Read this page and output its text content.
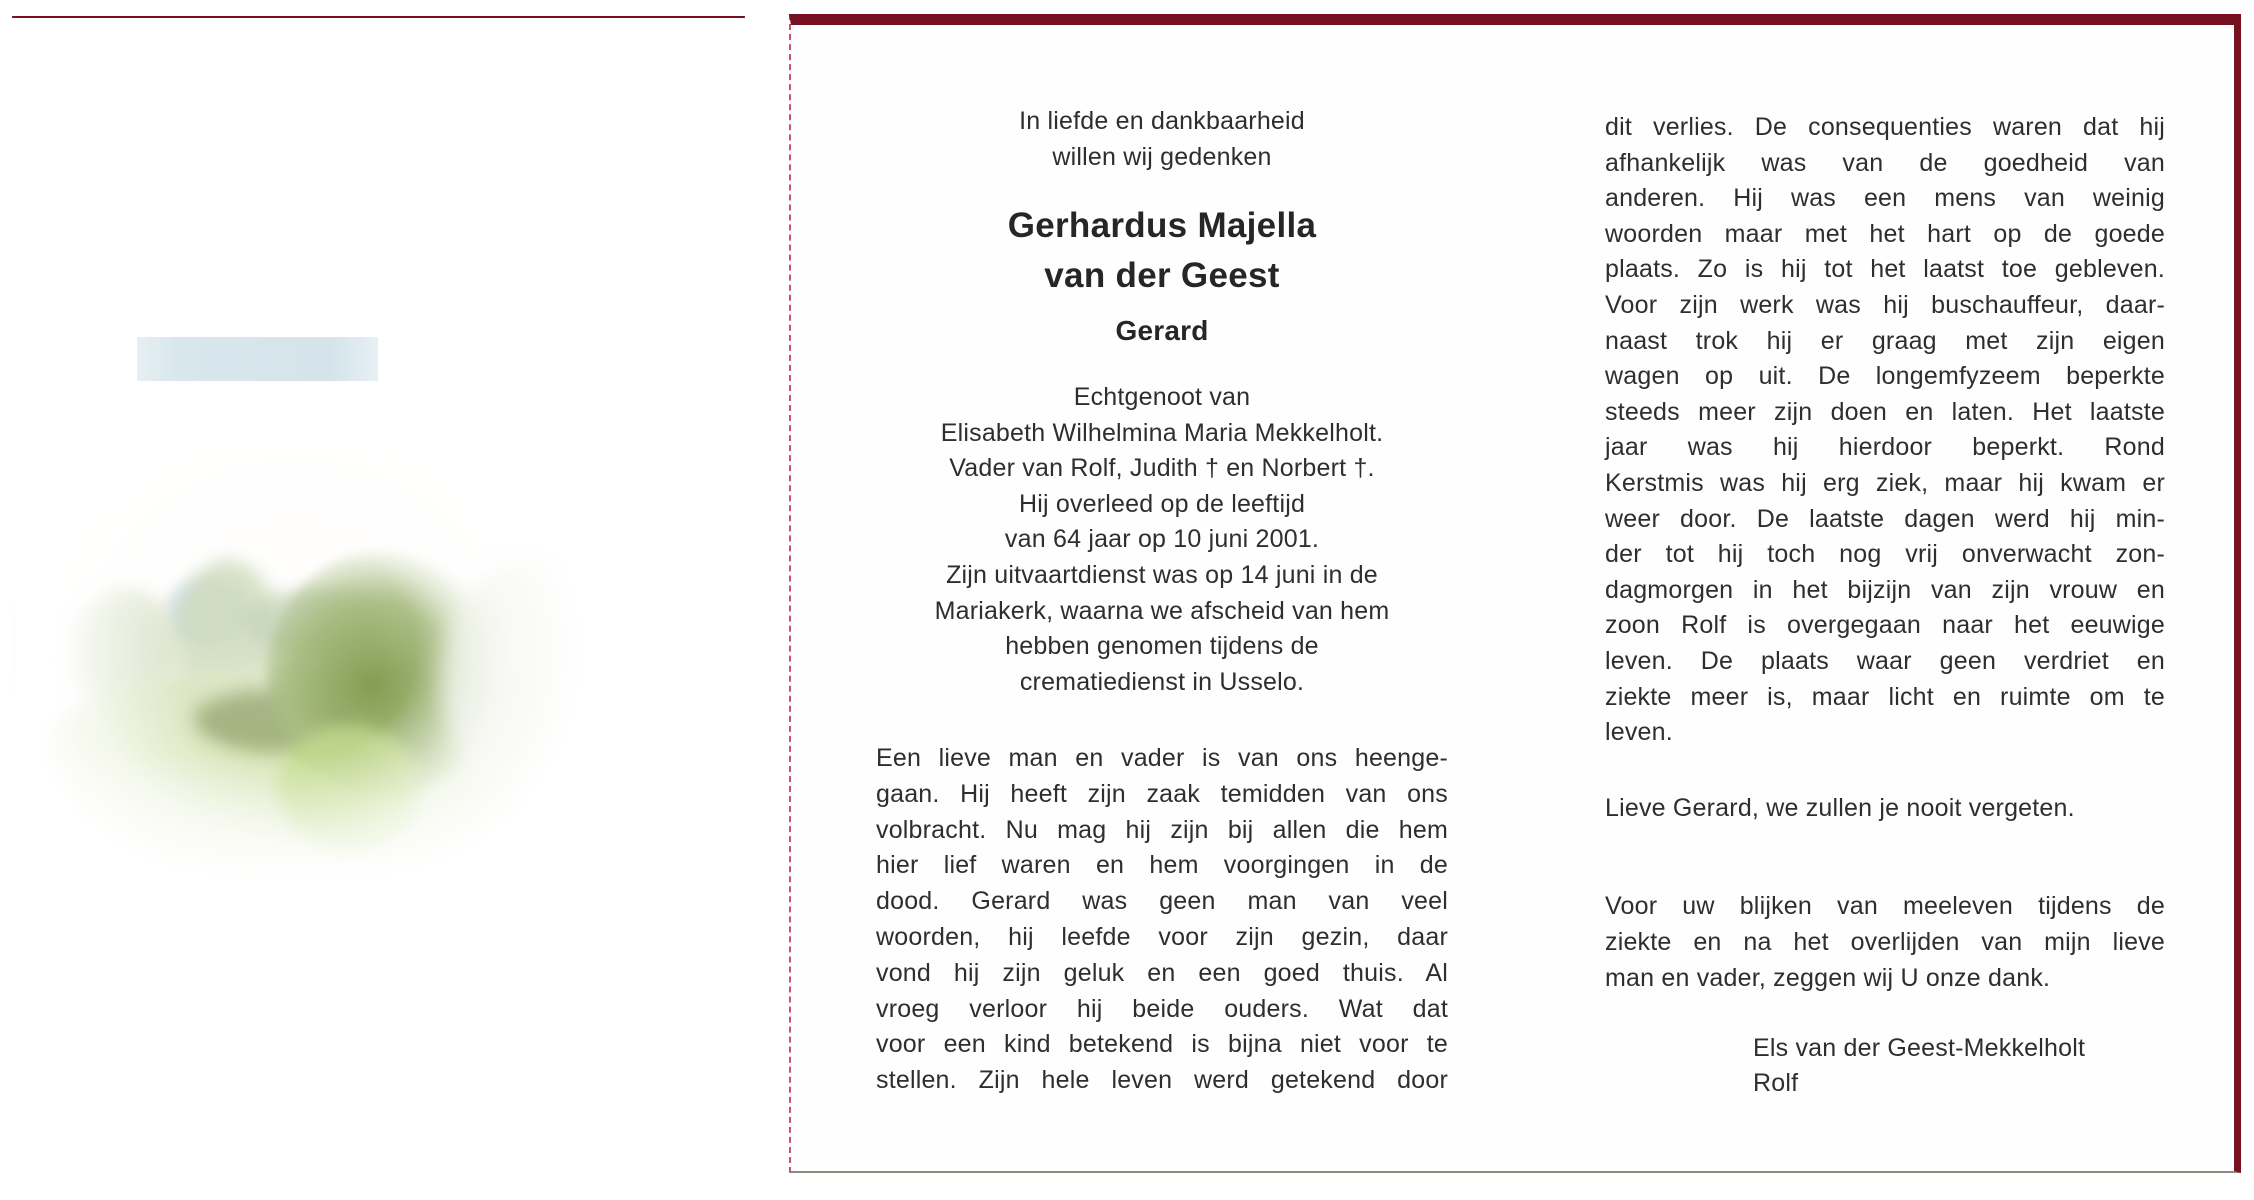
In liefde en dankbaarheid
willen wij gedenken
Gerhardus Majella
van der Geest
Gerard
Echtgenoot van
Elisabeth Wilhelmina Maria Mekkelholt.
Vader van Rolf, Judith † en Norbert †.
Hij overleed op de leeftijd
van 64 jaar op 10 juni 2001.
Zijn uitvaartdienst was op 14 juni in de
Mariakerk, waarna we afscheid van hem
hebben genomen tijdens de
crematiedienst in Usselo.
Een lieve man en vader is van ons heenge-
gaan. Hij heeft zijn zaak temidden van ons
volbracht. Nu mag hij zijn bij allen die hem
hier lief waren en hem voorgingen in de
dood. Gerard was geen man van veel
woorden, hij leefde voor zijn gezin, daar
vond hij zijn geluk en een goed thuis. Al
vroeg verloor hij beide ouders. Wat dat
voor een kind betekend is bijna niet voor te
stellen. Zijn hele leven werd getekend door
dit verlies. De consequenties waren dat hij
afhankelijk was van de goedheid van
anderen. Hij was een mens van weinig
woorden maar met het hart op de goede
plaats. Zo is hij tot het laatst toe gebleven.
Voor zijn werk was hij buschauffeur, daar-
naast trok hij er graag met zijn eigen
wagen op uit. De longemfyzeem beperkte
steeds meer zijn doen en laten. Het laatste
jaar was hij hierdoor beperkt. Rond
Kerstmis was hij erg ziek, maar hij kwam er
weer door. De laatste dagen werd hij min-
der tot hij toch nog vrij onverwacht zon-
dagmorgen in het bijzijn van zijn vrouw en
zoon Rolf is overgegaan naar het eeuwige
leven. De plaats waar geen verdriet en
ziekte meer is, maar licht en ruimte om te
leven.
Lieve Gerard, we zullen je nooit vergeten.
Voor uw blijken van meeleven tijdens de
ziekte en na het overlijden van mijn lieve
man en vader, zeggen wij U onze dank.
Els van der Geest-Mekkelholt
Rolf
